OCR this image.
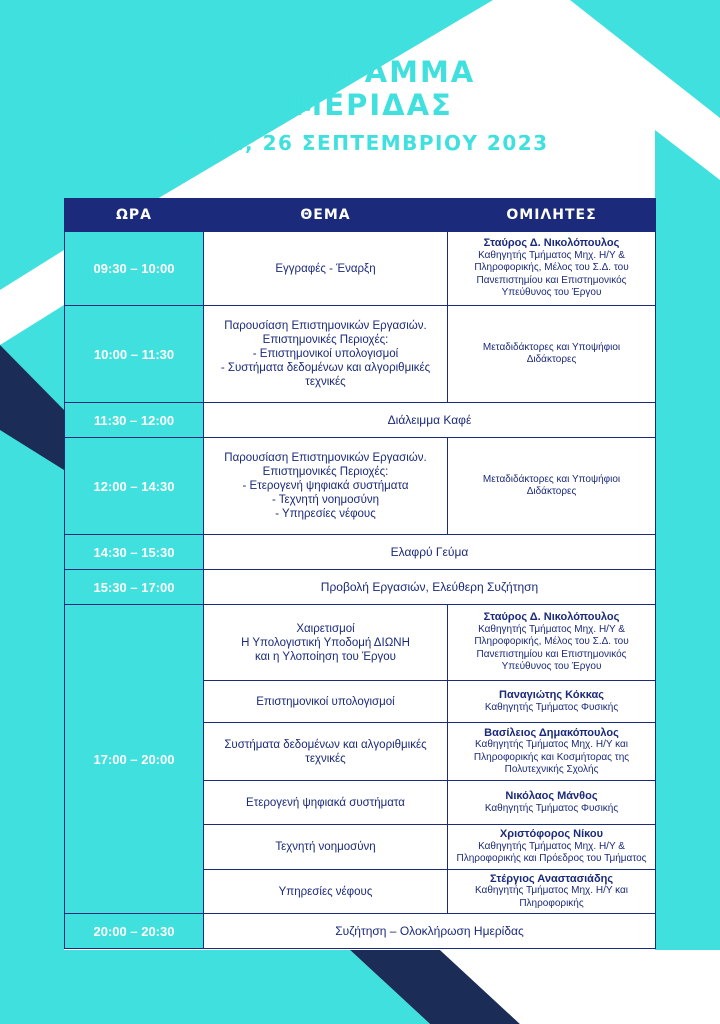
ΠΡΟΓΡΑΜΜΑ
ΗΜΕΡΙΔΑΣ
ΤΡΙΤΗ, 26 ΣΕΠΤΕΜΒΡΙΟΥ 2023
ΩΡΑ	ΘΕΜΑ	ΟΜΙΛΗΤΕΣ
09:30 – 10:00	Εγγραφές - Έναρξη	Σταύρος Δ. Νικολόπουλος
Καθηγητής Τμήματος Μηχ. Η/Υ &
Πληροφορικής, Μέλος του Σ.Δ. του
Πανεπιστημίου και Επιστημονικός
Υπεύθυνος του Έργου

10:00 – 11:30	Παρουσίαση Επιστημονικών Εργασιών.
Επιστημονικές Περιοχές:
- Επιστημονικοί υπολογισμοί
- Συστήματα δεδομένων και αλγοριθμικές
τεχνικές	Μεταδιδάκτορες και Υποψήφιοι
Διδάκτορες

11:30 – 12:00	Διάλειμμα Καφέ	
12:00 – 14:30	Παρουσίαση Επιστημονικών Εργασιών.
Επιστημονικές Περιοχές:
- Ετερογενή ψηφιακά συστήματα
- Τεχνητή νοημοσύνη
- Υπηρεσίες νέφους	Μεταδιδάκτορες και Υποψήφιοι
Διδάκτορες

14:30 – 15:30	Ελαφρύ Γεύμα	
15:30 – 17:00	Προβολή Εργασιών, Ελεύθερη Συζήτηση	
17:00 – 20:00	Χαιρετισμοί
Η Υπολογιστική Υποδομή ΔΙΩΝΗ
και η Υλοποίηση του Έργου	Σταύρος Δ. Νικολόπουλος
Καθηγητής Τμήματος Μηχ. Η/Υ &
Πληροφορικής, Μέλος του Σ.Δ. του
Πανεπιστημίου και Επιστημονικός
Υπεύθυνος του Έργου

	Επιστημονικοί υπολογισμοί	Παναγιώτης Κόκκας
Καθηγητής Τμήματος Φυσικής

	Συστήματα δεδομένων και αλγοριθμικές
τεχνικές	Βασίλειος Δημακόπουλος
Καθηγητής Τμήματος Μηχ. Η/Υ και
Πληροφορικής και Κοσμήτορας της
Πολυτεχνικής Σχολής

	Ετερογενή ψηφιακά συστήματα	Νικόλαος Μάνθος
Καθηγητής Τμήματος Φυσικής

	Τεχνητή νοημοσύνη	Χριστόφορος Νίκου
Καθηγητής Τμήματος Μηχ. Η/Υ &
Πληροφορικής και Πρόεδρος του Τμήματος

	Υπηρεσίες νέφους	Στέργιος Αναστασιάδης
Καθηγητής Τμήματος Μηχ. Η/Υ και
Πληροφορικής

20:00 – 20:30	Συζήτηση – Ολοκλήρωση Ημερίδας	
